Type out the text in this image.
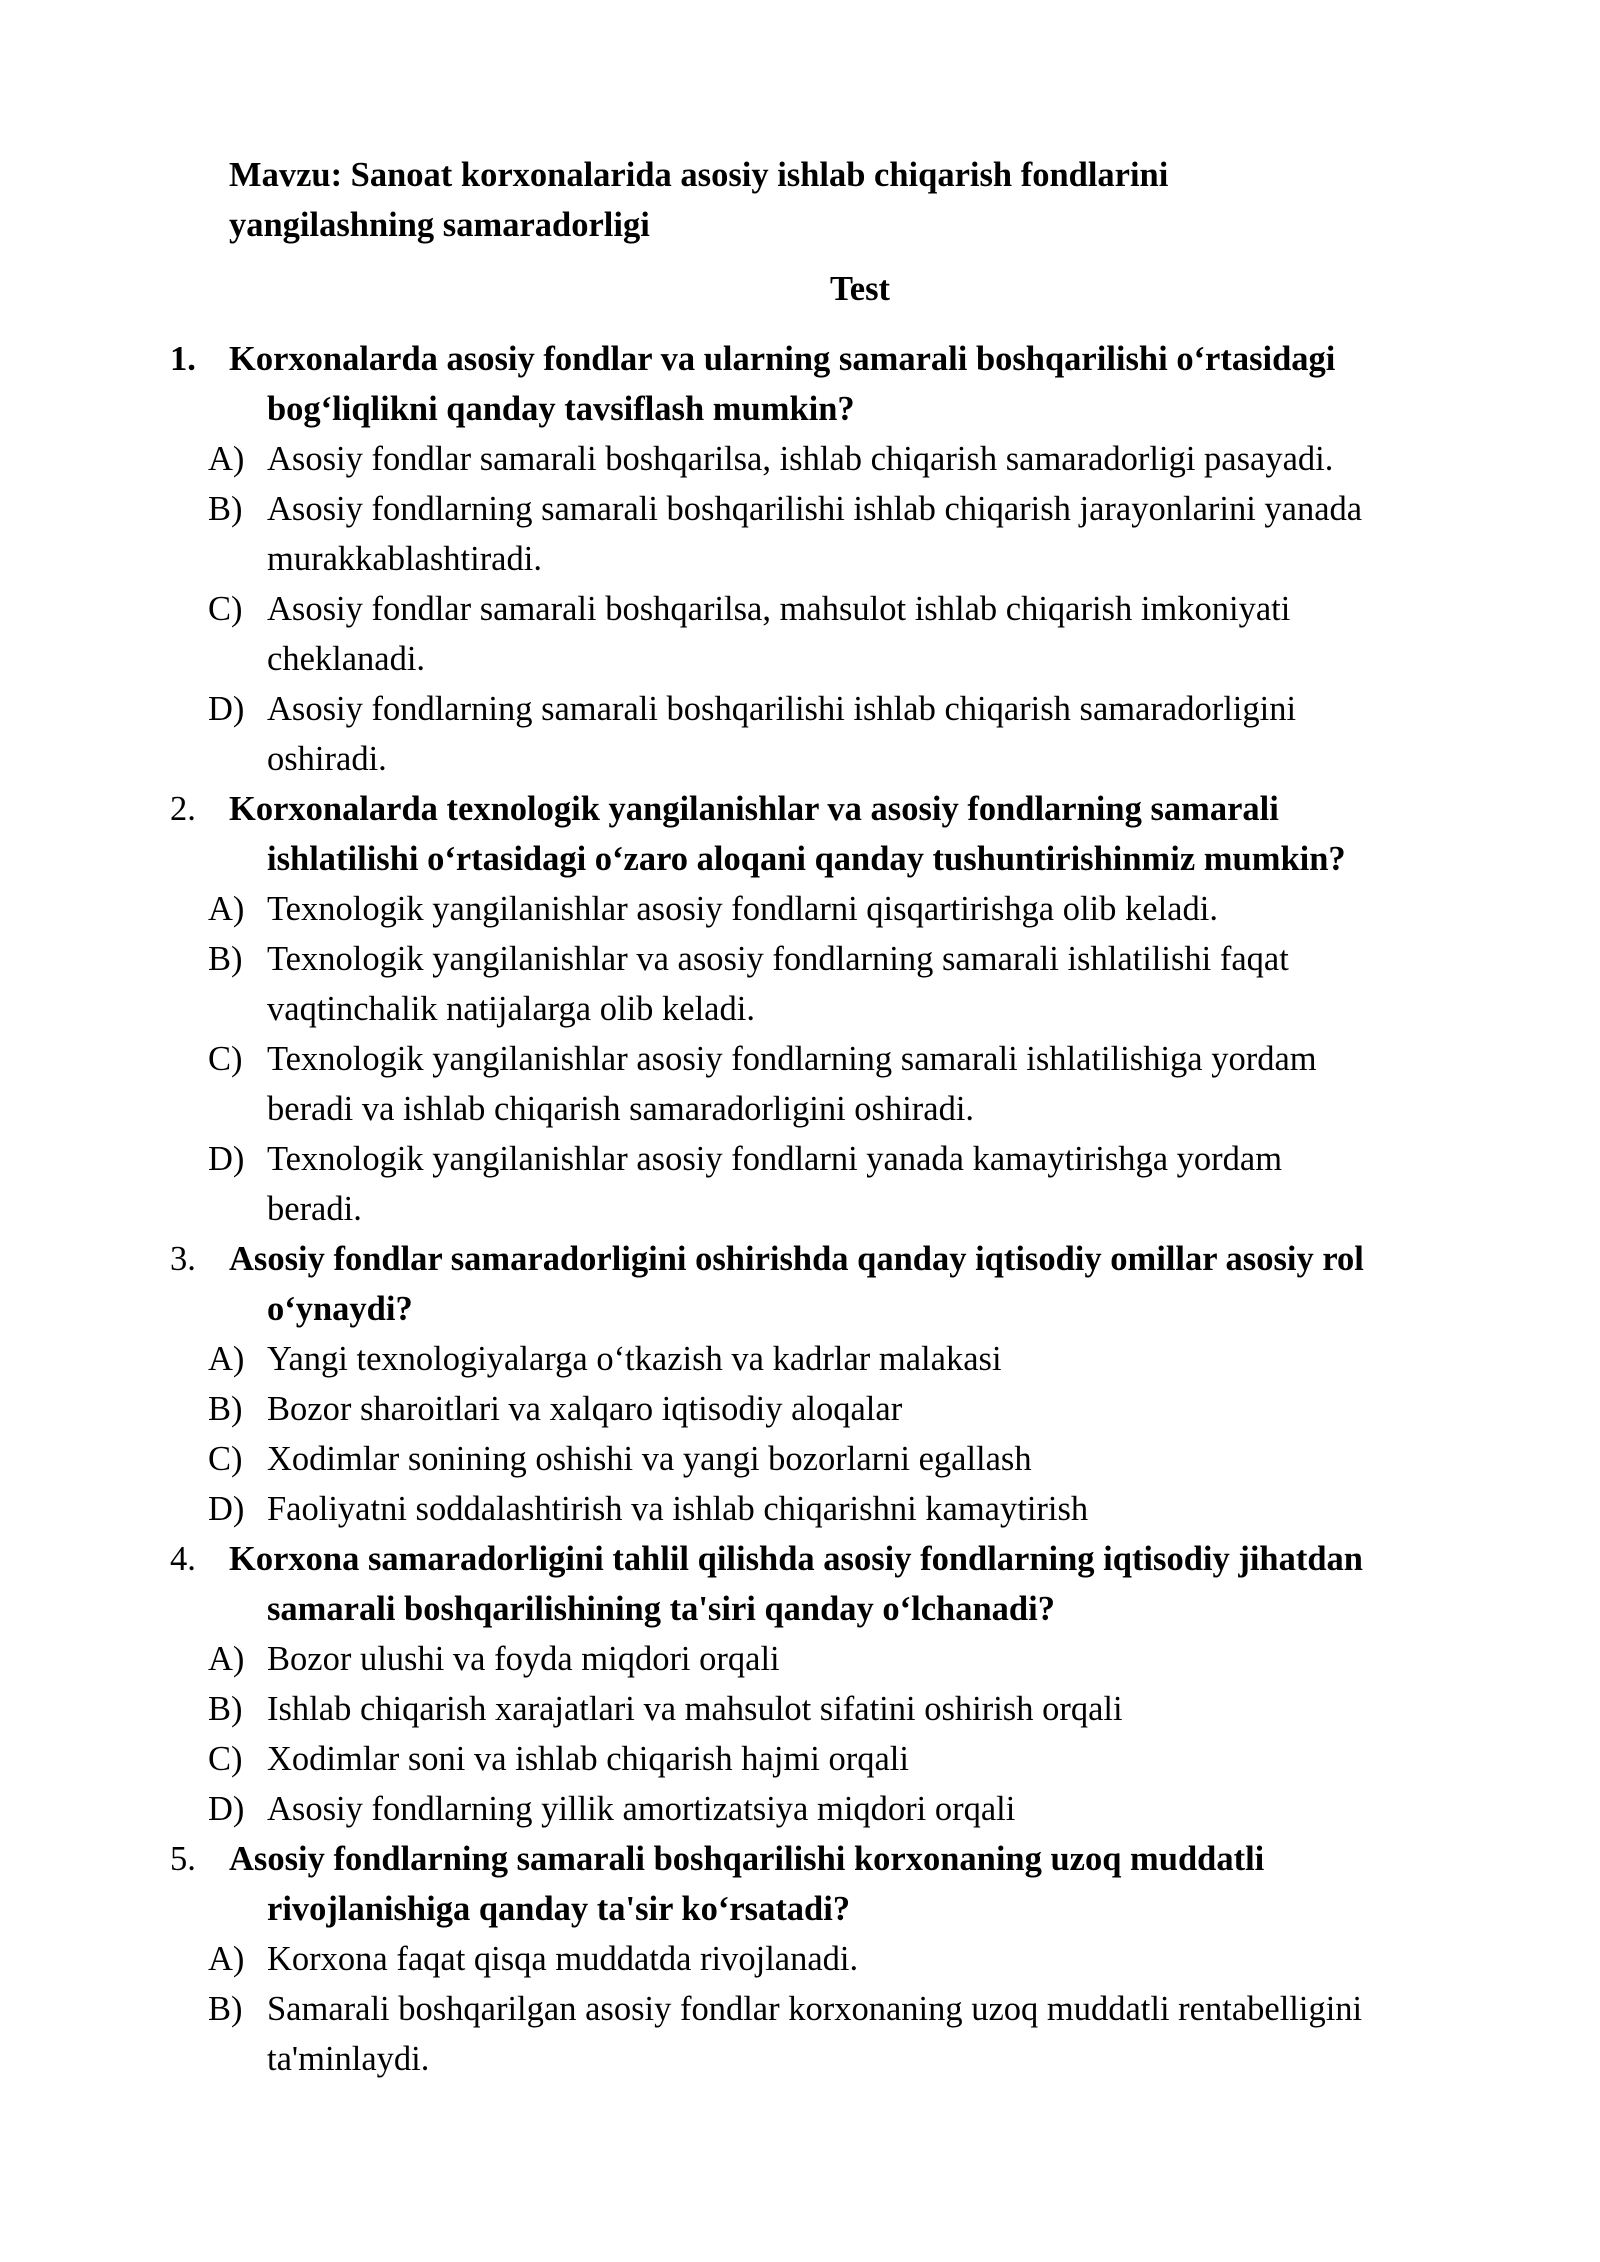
Mavzu: Sanoat korxonalarida asosiy ishlab chiqarish fondlarini
yangilashning samaradorligi
Test
1. Korxonalarda asosiy fondlar va ularning samarali boshqarilishi o‘rtasidagi
bog‘liqlikni qanday tavsiflash mumkin?
A) Asosiy fondlar samarali boshqarilsa, ishlab chiqarish samaradorligi pasayadi.
B) Asosiy fondlarning samarali boshqarilishi ishlab chiqarish jarayonlarini yanada
murakkablashtiradi.
C) Asosiy fondlar samarali boshqarilsa, mahsulot ishlab chiqarish imkoniyati
cheklanadi.
D) Asosiy fondlarning samarali boshqarilishi ishlab chiqarish samaradorligini
oshiradi.
2. Korxonalarda texnologik yangilanishlar va asosiy fondlarning samarali
ishlatilishi o‘rtasidagi o‘zaro aloqani qanday tushuntirishinmiz mumkin?
A) Texnologik yangilanishlar asosiy fondlarni qisqartirishga olib keladi.
B) Texnologik yangilanishlar va asosiy fondlarning samarali ishlatilishi faqat
vaqtinchalik natijalarga olib keladi.
C) Texnologik yangilanishlar asosiy fondlarning samarali ishlatilishiga yordam
beradi va ishlab chiqarish samaradorligini oshiradi.
D) Texnologik yangilanishlar asosiy fondlarni yanada kamaytirishga yordam
beradi.
3. Asosiy fondlar samaradorligini oshirishda qanday iqtisodiy omillar asosiy rol
o‘ynaydi?
A) Yangi texnologiyalarga o‘tkazish va kadrlar malakasi
B) Bozor sharoitlari va xalqaro iqtisodiy aloqalar
C) Xodimlar sonining oshishi va yangi bozorlarni egallash
D) Faoliyatni soddalashtirish va ishlab chiqarishni kamaytirish
4. Korxona samaradorligini tahlil qilishda asosiy fondlarning iqtisodiy jihatdan
samarali boshqarilishining ta'siri qanday o‘lchanadi?
A) Bozor ulushi va foyda miqdori orqali
B) Ishlab chiqarish xarajatlari va mahsulot sifatini oshirish orqali
C) Xodimlar soni va ishlab chiqarish hajmi orqali
D) Asosiy fondlarning yillik amortizatsiya miqdori orqali
5. Asosiy fondlarning samarali boshqarilishi korxonaning uzoq muddatli
rivojlanishiga qanday ta'sir ko‘rsatadi?
A) Korxona faqat qisqa muddatda rivojlanadi.
B) Samarali boshqarilgan asosiy fondlar korxonaning uzoq muddatli rentabelligini
ta'minlaydi.
